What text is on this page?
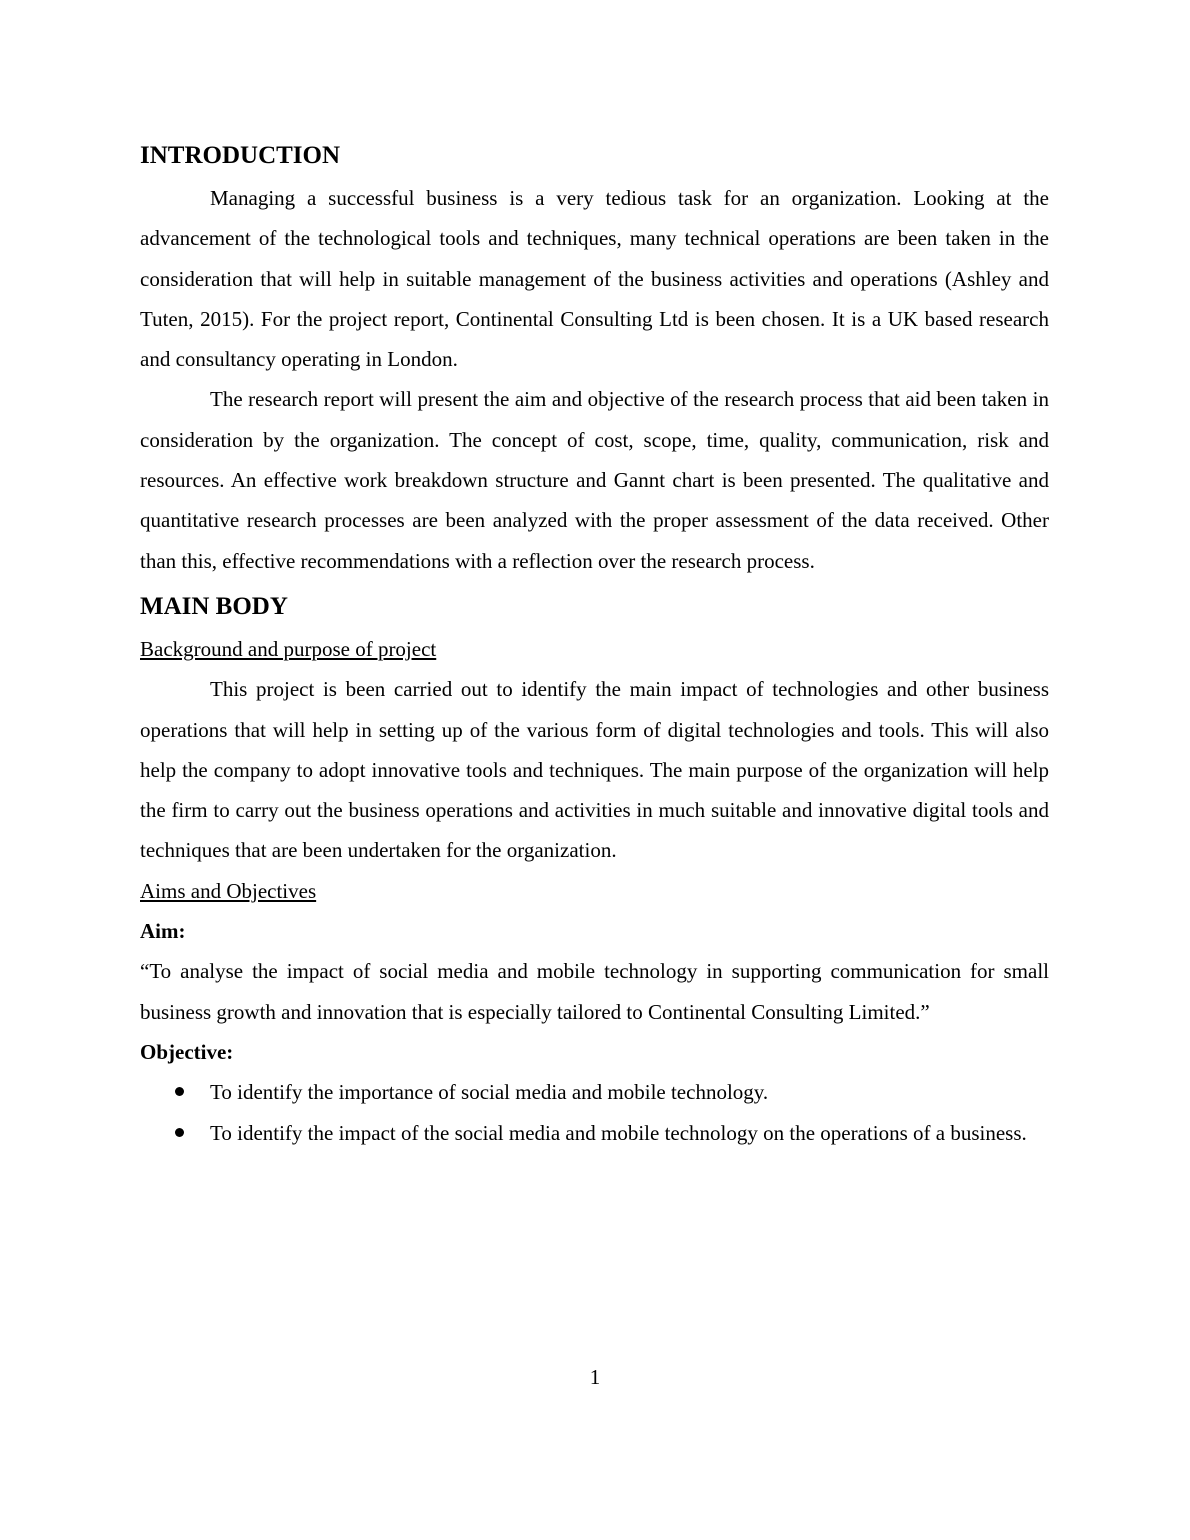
INTRODUCTION

Managing a successful business is a very tedious task for an organization. Looking at the advancement of the technological tools and techniques, many technical operations are been taken in the consideration that will help in suitable management of the business activities and operations (Ashley and Tuten, 2015). For the project report, Continental Consulting Ltd is been chosen. It is a UK based research and consultancy operating in London.

The research report will present the aim and objective of the research process that aid been taken in consideration by the organization. The concept of cost, scope, time, quality, communication, risk and resources. An effective work breakdown structure and Gannt chart is been presented. The qualitative and quantitative research processes are been analyzed with the proper assessment of the data received. Other than this, effective recommendations with a reflection over the research process.

MAIN BODY
Background and purpose of project

This project is been carried out to identify the main impact of technologies and other business operations that will help in setting up of the various form of digital technologies and tools. This will also help the company to adopt innovative tools and techniques. The main purpose of the organization will help the firm to carry out the business operations and activities in much suitable and innovative digital tools and techniques that are been undertaken for the organization.

Aims and Objectives
Aim:

“To analyse the impact of social media and mobile technology in supporting communication for small business growth and innovation that is especially tailored to Continental Consulting Limited.”

Objective:
To identify the importance of social media and mobile technology.
To identify the impact of the social media and mobile technology on the operations of a business.
1
